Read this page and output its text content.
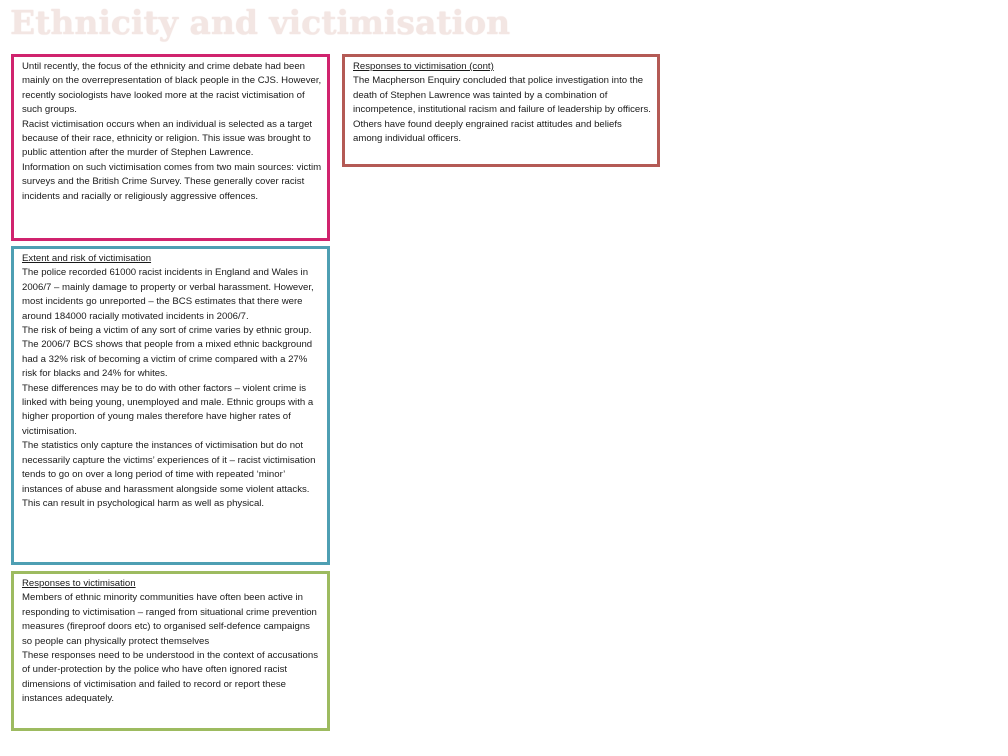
Ethnicity and victimisation

Until recently, the focus of the ethnicity and crime debate had been mainly on the overrepresentation of black people in the CJS. However, recently sociologists have looked more at the racist victimisation of such groups.

Racist victimisation occurs when an individual is selected as a target because of their race, ethnicity or religion. This issue was brought to public attention after the murder of Stephen Lawrence.

Information on such victimisation comes from two main sources: victim surveys and the British Crime Survey. These generally cover racist incidents and racially or religiously aggressive offences.

Extent and risk of victimisation

The police recorded 61000 racist incidents in England and Wales in 2006/7 – mainly damage to property or verbal harassment. However, most incidents go unreported – the BCS estimates that there were around 184000 racially motivated incidents in 2006/7.

The risk of being a victim of any sort of crime varies by ethnic group. The 2006/7 BCS shows that people from a mixed ethnic background had a 32% risk of becoming a victim of crime compared with a 27% risk for blacks and 24% for whites.

These differences may be to do with other factors – violent crime is linked with being young, unemployed and male. Ethnic groups with a higher proportion of young males therefore have higher rates of victimisation.

The statistics only capture the instances of victimisation but do not necessarily capture the victims’ experiences of it – racist victimisation tends to go on over a long period of time with repeated ‘minor’ instances of abuse and harassment alongside some violent attacks. This can result in psychological harm as well as physical.

Responses to victimisation

Members of ethnic minority communities have often been active in responding to victimisation – ranged from situational crime prevention measures (fireproof doors etc) to organised self-defence campaigns so people can physically protect themselves

These responses need to be understood in the context of accusations of under-protection by the police who have often ignored racist dimensions of victimisation and failed to record or report these instances adequately.

Responses to victimisation (cont)

The Macpherson Enquiry concluded that police investigation into the death of Stephen Lawrence was tainted by a combination of incompetence, institutional racism and failure of leadership by officers. Others have found deeply engrained racist attitudes and beliefs among individual officers.
